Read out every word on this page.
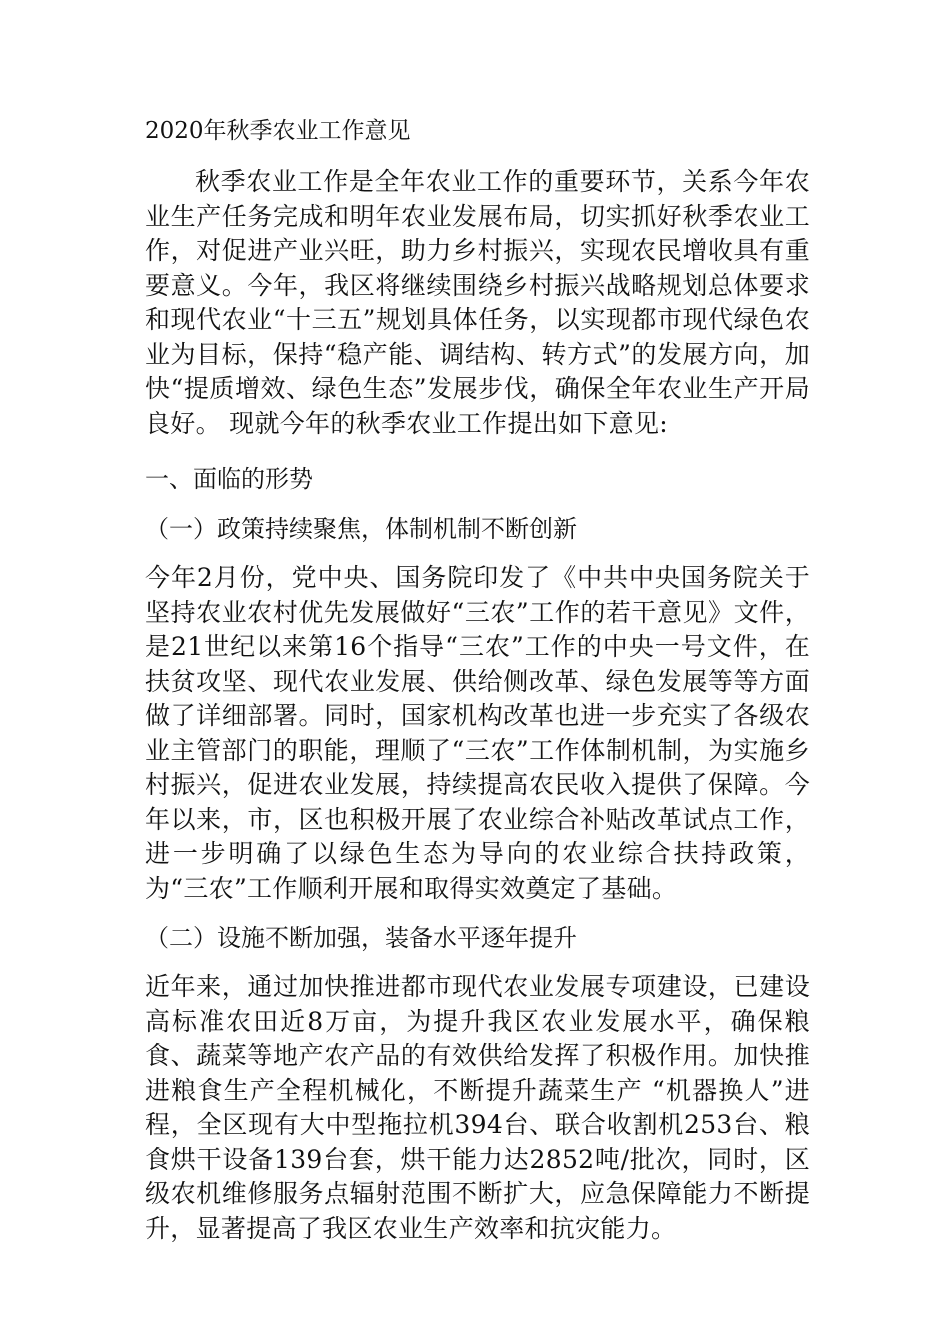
2020年秋季农业工作意见

秋季农业工作是全年农业工作的重要环节，关系今年农业生产任务完成和明年农业发展布局，切实抓好秋季农业工作，对促进产业兴旺，助力乡村振兴，实现农民增收具有重要意义。今年，我区将继续围绕乡村振兴战略规划总体要求和现代农业“十三五”规划具体任务，以实现都市现代绿色农业为目标，保持“稳产能、调结构、转方式”的发展方向，加快“提质增效、绿色生态”发展步伐，确保全年农业生产开局良好。 现就今年的秋季农业工作提出如下意见:

一、面临的形势
（一）政策持续聚焦，体制机制不断创新

今年2月份，党中央、国务院印发了《中共中央国务院关于坚持农业农村优先发展做好“三农”工作的若干意见》文件，是21世纪以来第16个指导“三农”工作的中央一号文件，在扶贫攻坚、现代农业发展、供给侧改革、绿色发展等等方面做了详细部署。同时，国家机构改革也进一步充实了各级农业主管部门的职能，理顺了“三农”工作体制机制，为实施乡村振兴，促进农业发展，持续提高农民收入提供了保障。今年以来，市，区也积极开展了农业综合补贴改革试点工作，进一步明确了以绿色生态为导向的农业综合扶持政策，为“三农”工作顺利开展和取得实效奠定了基础。

（二）设施不断加强，装备水平逐年提升

近年来，通过加快推进都市现代农业发展专项建设，已建设高标准农田近8万亩，为提升我区农业发展水平，确保粮食、蔬菜等地产农产品的有效供给发挥了积极作用。加快推进粮食生产全程机械化，不断提升蔬菜生产 “机器换人”进程，全区现有大中型拖拉机394台、联合收割机253台、粮食烘干设备139台套，烘干能力达2852吨/批次，同时，区级农机维修服务点辐射范围不断扩大，应急保障能力不断提升，显著提高了我区农业生产效率和抗灾能力。
